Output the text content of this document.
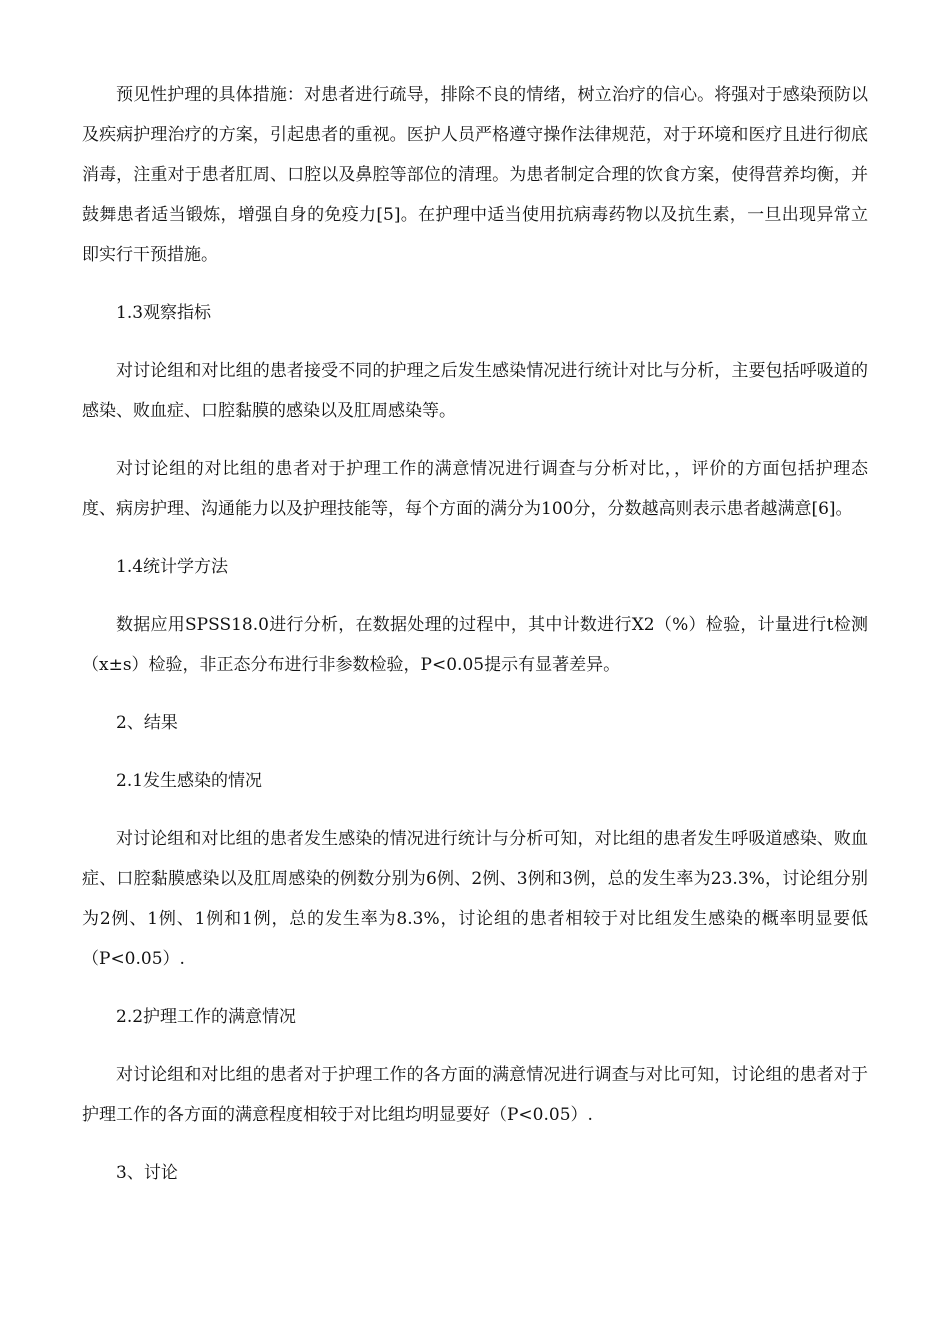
预见性护理的具体措施：对患者进行疏导，排除不良的情绪，树立治疗的信心。将强对于感染预防以及疾病护理治疗的方案，引起患者的重视。医护人员严格遵守操作法律规范，对于环境和医疗且进行彻底消毒，注重对于患者肛周、口腔以及鼻腔等部位的清理。为患者制定合理的饮食方案，使得营养均衡，并鼓舞患者适当锻炼，增强自身的免疫力[5]。在护理中适当使用抗病毒药物以及抗生素，一旦出现异常立即实行干预措施。

1.3观察指标

对讨论组和对比组的患者接受不同的护理之后发生感染情况进行统计对比与分析，主要包括呼吸道的感染、败血症、口腔黏膜的感染以及肛周感染等。

对讨论组的对比组的患者对于护理工作的满意情况进行调查与分析对比，，评价的方面包括护理态度、病房护理、沟通能力以及护理技能等，每个方面的满分为100分，分数越高则表示患者越满意[6]。

1.4统计学方法

数据应用SPSS18.0进行分析，在数据处理的过程中，其中计数进行X2（%）检验，计量进行t检测（x±s）检验，非正态分布进行非参数检验，P<0.05提示有显著差异。

2、结果

2.1发生感染的情况

对讨论组和对比组的患者发生感染的情况进行统计与分析可知，对比组的患者发生呼吸道感染、败血症、口腔黏膜感染以及肛周感染的例数分别为6例、2例、3例和3例，总的发生率为23.3%，讨论组分别为2例、1例、1例和1例，总的发生率为8.3%，讨论组的患者相较于对比组发生感染的概率明显要低（P<0.05）.

2.2护理工作的满意情况

对讨论组和对比组的患者对于护理工作的各方面的满意情况进行调查与对比可知，讨论组的患者对于护理工作的各方面的满意程度相较于对比组均明显要好（P<0.05）.

3、讨论
